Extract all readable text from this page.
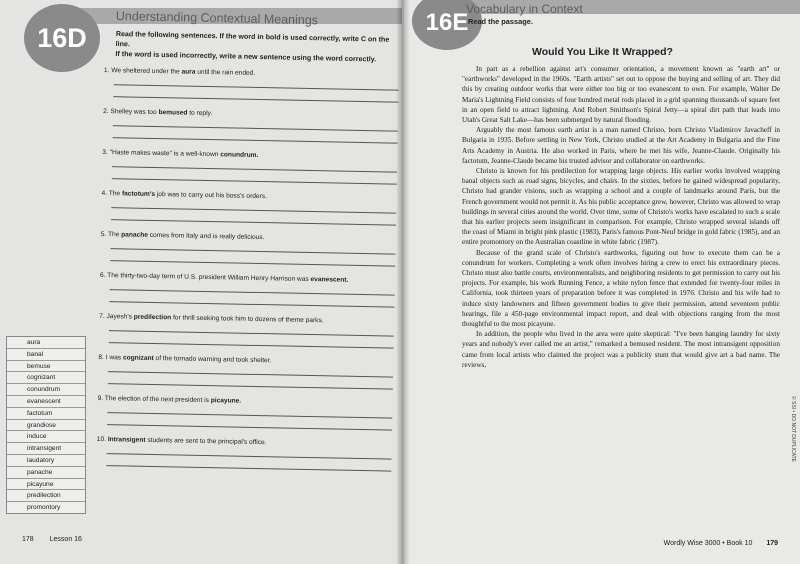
16D
Understanding Contextual Meanings
Read the following sentences. If the word in bold is used correctly, write C on the line.
If the word is used incorrectly, write a new sentence using the word correctly.
1. We sheltered under the aura until the rain ended.
2. Shelley was too bemused to reply.
3. "Haste makes waste" is a well-known conundrum.
4. The factotum's job was to carry out his boss's orders.
5. The panache comes from Italy and is really delicious.
6. The thirty-two-day term of U.S. president William Henry Harrison was evanescent.
7. Jayesh's predilection for thrill seeking took him to dozens of theme parks.
8. I was cognizant of the tornado warning and took shelter.
9. The election of the next president is picayune.
10. Intransigent students are sent to the principal's office.
aura
banal
bemuse
cognizant
conundrum
evanescent
factotum
grandiose
induce
intransigent
laudatory
panache
picayune
predilection
promontory
178 Lesson 16
16E
Vocabulary in Context
Read the passage.
Would You Like It Wrapped?

In part as a rebellion against art's consumer orientation, a movement known as "earth art" or "earthworks" developed in the 1960s. "Earth artists" set out to oppose the buying and selling of art. They did this by creating outdoor works that were either too big or too evanescent to own. For example, Walter De Maria's Lightning Field consists of four hundred metal rods placed in a grid spanning thousands of square feet in an open field to attract lightning. And Robert Smithson's Spiral Jetty—a spiral dirt path that leads into Utah's Great Salt Lake—has been submerged by natural flooding.

Arguably the most famous earth artist is a man named Christo, born Christo Vladimirov Javacheff in Bulgaria in 1935. Before settling in New York, Christo studied at the Art Academy in Bulgaria and the Fine Arts Academy in Austria. He also worked in Paris, where he met his wife, Jeanne-Claude. Originally his factotum, Jeanne-Claude became his trusted advisor and collaborator on earthworks.

Christo is known for his predilection for wrapping large objects. His earlier works involved wrapping banal objects such as road signs, bicycles, and chairs. In the sixties, before he gained widespread popularity, Christo had grander visions, such as wrapping a school and a couple of landmarks around Paris, but the French government would not permit it. As his public acceptance grew, however, Christo was allowed to wrap buildings in several cities around the world. Over time, some of Christo's works have escalated to such a scale that his earlier projects seem insignificant in comparison. For example, Christo wrapped several islands off the coast of Miami in bright pink plastic (1983), Paris's famous Pont-Neuf bridge in gold fabric (1985), and an entire promontory on the Australian coastline in white fabric (1987).

Because of the grand scale of Christo's earthworks, figuring out how to execute them can be a conundrum for workers. Completing a work often involves hiring a crew to erect his extraordinary pieces. Christo must also battle courts, environmentalists, and neighboring residents to get permission to carry out his projects. For example, his work Running Fence, a white nylon fence that extended for twenty-four miles in California, took thirteen years of preparation before it was completed in 1976. Christo and his wife had to induce sixty landowners and fifteen government bodies to give their permission, attend seventeen public hearings, file a 450-page environmental impact report, and deal with objections ranging from the most thoughtful to the most picayune.

In addition, the people who lived in the area were quite skeptical: "I've been hanging laundry for sixty years and nobody's ever called me an artist," remarked a bemused resident. The most intransigent opposition came from local artists who claimed the project was a publicity stunt that would give art a bad name. The reviews,

© SSI • DO NOT DUPLICATE
Wordly Wise 3000 • Book 10 179
